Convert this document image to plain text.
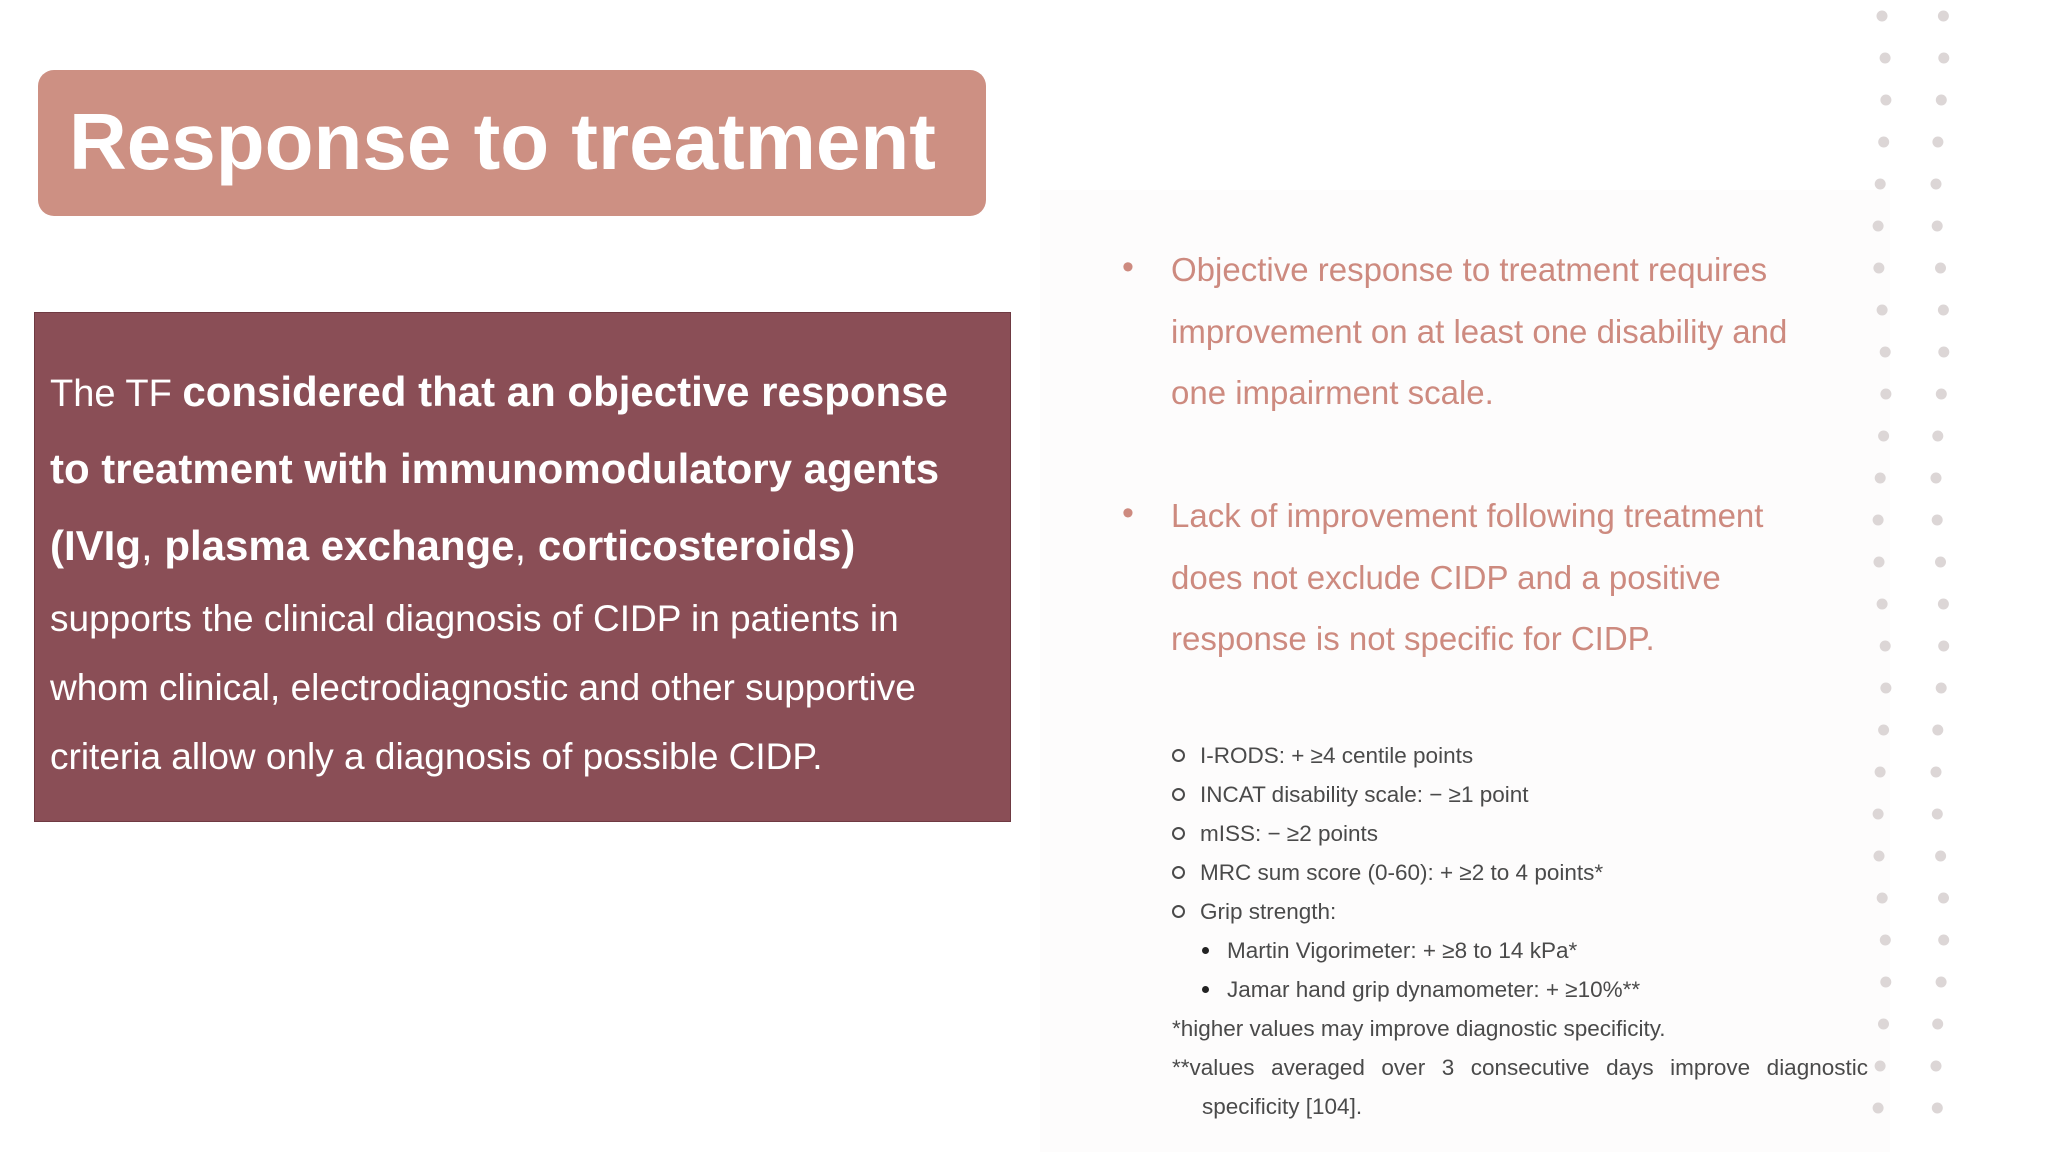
Response to treatment
The TF considered that an objective response
to treatment with immunomodulatory agents
(IVIg, plasma exchange, corticosteroids)
supports the clinical diagnosis of CIDP in patients in
whom clinical, electrodiagnostic and other supportive
criteria allow only a diagnosis of possible CIDP.
• Objective response to treatment requires
improvement on at least one disability and
one impairment scale.
• Lack of improvement following treatment
does not exclude CIDP and a positive
response is not specific for CIDP.
I-RODS: + ≥4 centile points
INCAT disability scale: − ≥1 point
mISS: − ≥2 points
MRC sum score (0-60): + ≥2 to 4 points*
Grip strength:
Martin Vigorimeter: + ≥8 to 14 kPa*
Jamar hand grip dynamometer: + ≥10%**
*higher values may improve diagnostic specificity.
**values averaged over 3 consecutive days improve diagnostic
specificity [104].
